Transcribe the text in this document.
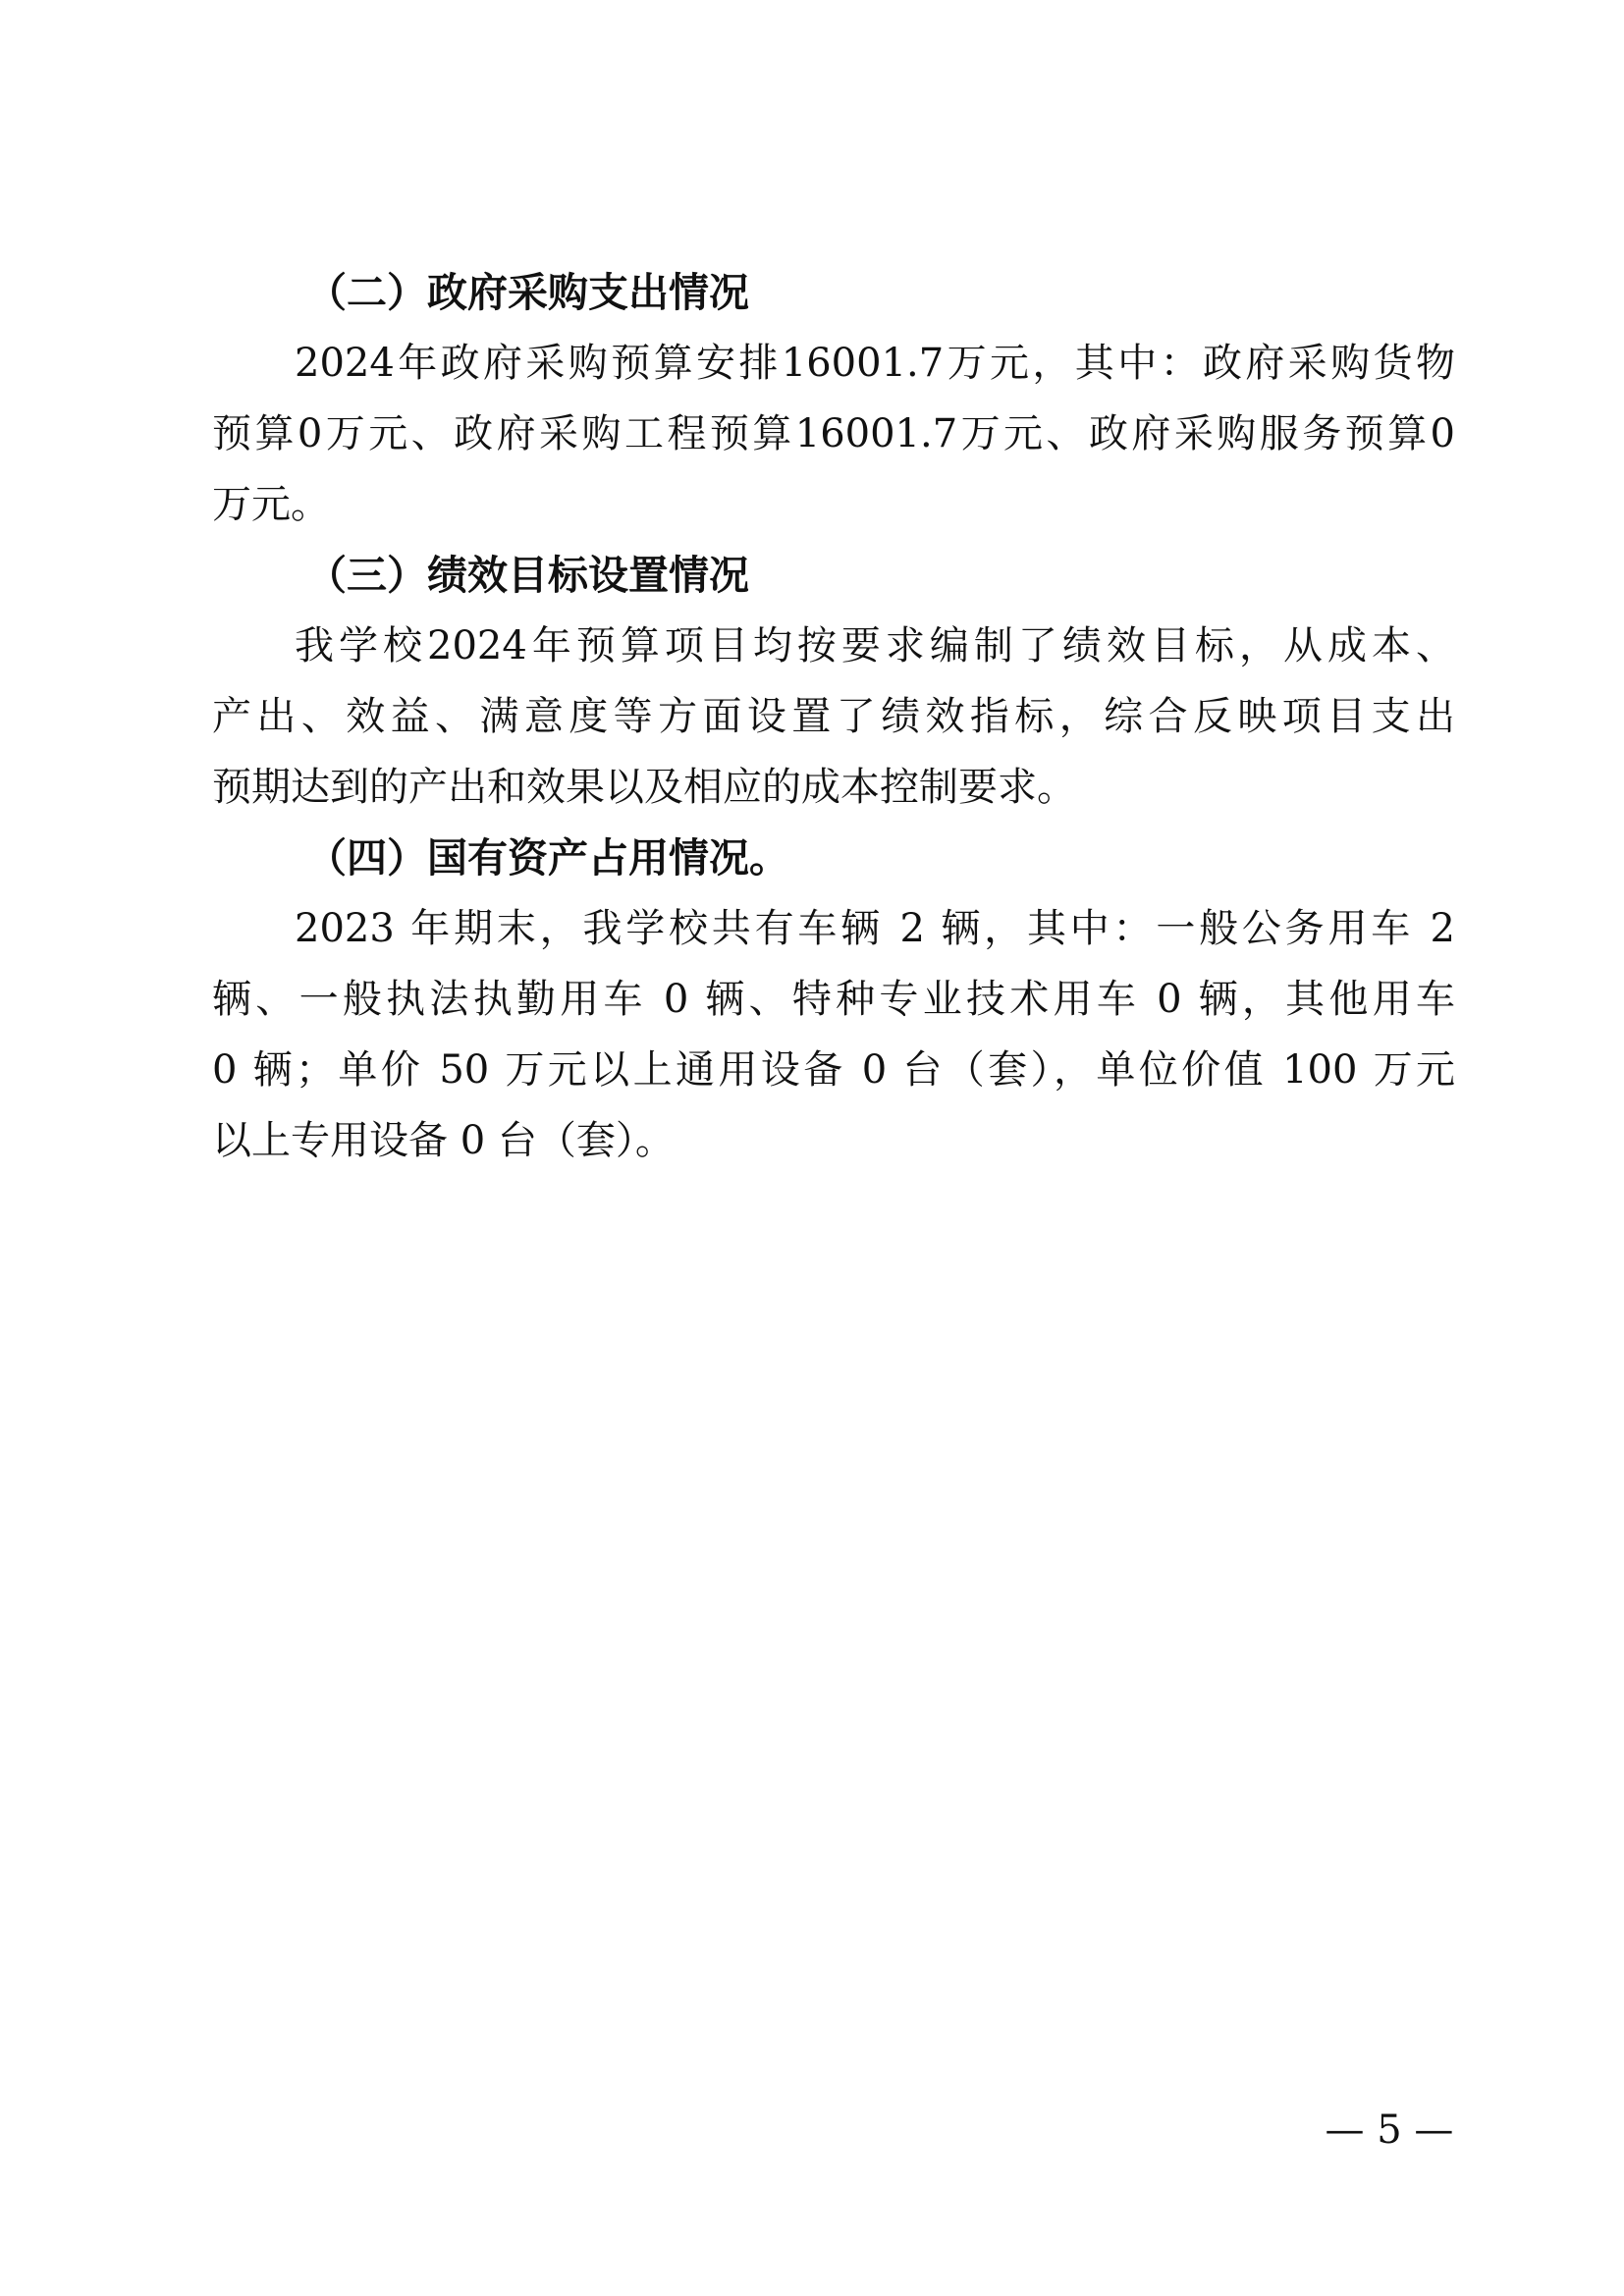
（二）政府采购支出情况
2024年政府采购预算安排16001.7万元，其中：政府采购货物
预算0万元、政府采购工程预算16001.7万元、政府采购服务预算0
万元。
（三）绩效目标设置情况
我学校2024年预算项目均按要求编制了绩效目标，从成本、
产出、效益、满意度等方面设置了绩效指标，综合反映项目支出
预期达到的产出和效果以及相应的成本控制要求。
（四）国有资产占用情况。
2023 年期末，我学校共有车辆 2 辆，其中：一般公务用车 2
辆、一般执法执勤用车 0 辆、特种专业技术用车 0 辆，其他用车
0 辆；单价 50 万元以上通用设备 0 台（套），单位价值 100 万元
以上专用设备 0 台（套）。
— 5 —
